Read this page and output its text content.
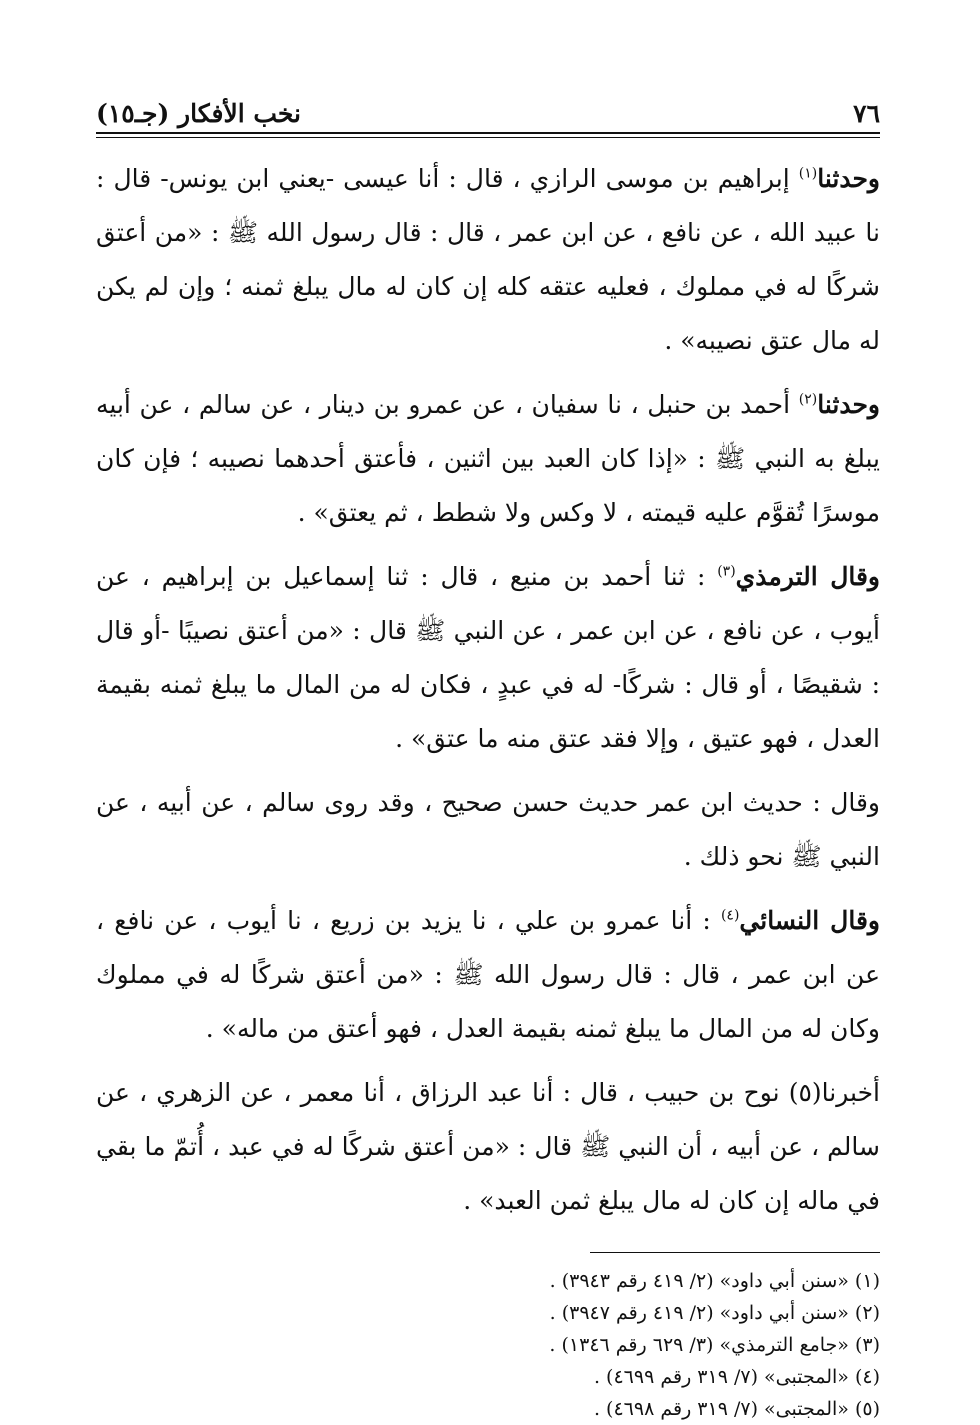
٧٦
نخب الأفكار (جـ١٥)

وحدثنا$^{(١)}$ إبراهيم بن موسى الرازي ، قال : أنا عيسى -يعني ابن يونس- قال : نا عبيد الله ، عن نافع ، عن ابن عمر ، قال : قال رسول الله ﷺ : «من أعتق شركًا له في مملوك ، فعليه عتقه كله إن كان له مال يبلغ ثمنه ؛ وإن لم يكن له مال عتق نصيبه» .

وحدثنا$^{(٢)}$ أحمد بن حنبل ، نا سفيان ، عن عمرو بن دينار ، عن سالم ، عن أبيه يبلغ به النبي ﷺ : «إذا كان العبد بين اثنين ، فأعتق أحدهما نصيبه ؛ فإن كان موسرًا تُقوَّم عليه قيمته ، لا وكس ولا شطط ، ثم يعتق» .

وقال الترمذي$^{(٣)}$ : ثنا أحمد بن منيع ، قال : ثنا إسماعيل بن إبراهيم ، عن أيوب ، عن نافع ، عن ابن عمر ، عن النبي ﷺ قال : «من أعتق نصيبًا -أو قال : شقيصًا ، أو قال : شركًا- له في عبدٍ ، فكان له من المال ما يبلغ ثمنه بقيمة العدل ، فهو عتيق ، وإلا فقد عتق منه ما عتق» .

وقال : حديث ابن عمر حديث حسن صحيح ، وقد روى سالم ، عن أبيه ، عن النبي ﷺ نحو ذلك .

وقال النسائي$^{(٤)}$ : أنا عمرو بن علي ، نا يزيد بن زريع ، نا أيوب ، عن نافع ، عن ابن عمر ، قال : قال رسول الله ﷺ : «من أعتق شركًا له في مملوك وكان له من المال ما يبلغ ثمنه بقيمة العدل ، فهو أعتق من ماله» .

أخبرنا(٥) نوح بن حبيب ، قال : أنا عبد الرزاق ، أنا معمر ، عن الزهري ، عن سالم ، عن أبيه ، أن النبي ﷺ قال : «من أعتق شركًا له في عبد ، أُتمّ ما بقي في ماله إن كان له مال يبلغ ثمن العبد» .

(١) «سنن أبي داود» (٢/ ٤١٩ رقم ٣٩٤٣) .

(٢) «سنن أبي داود» (٢/ ٤١٩ رقم ٣٩٤٧) .

(٣) «جامع الترمذي» (٣/ ٦٢٩ رقم ١٣٤٦) .

(٤) «المجتبى» (٧/ ٣١٩ رقم ٤٦٩٩) .

(٥) «المجتبى» (٧/ ٣١٩ رقم ٤٦٩٨) .
